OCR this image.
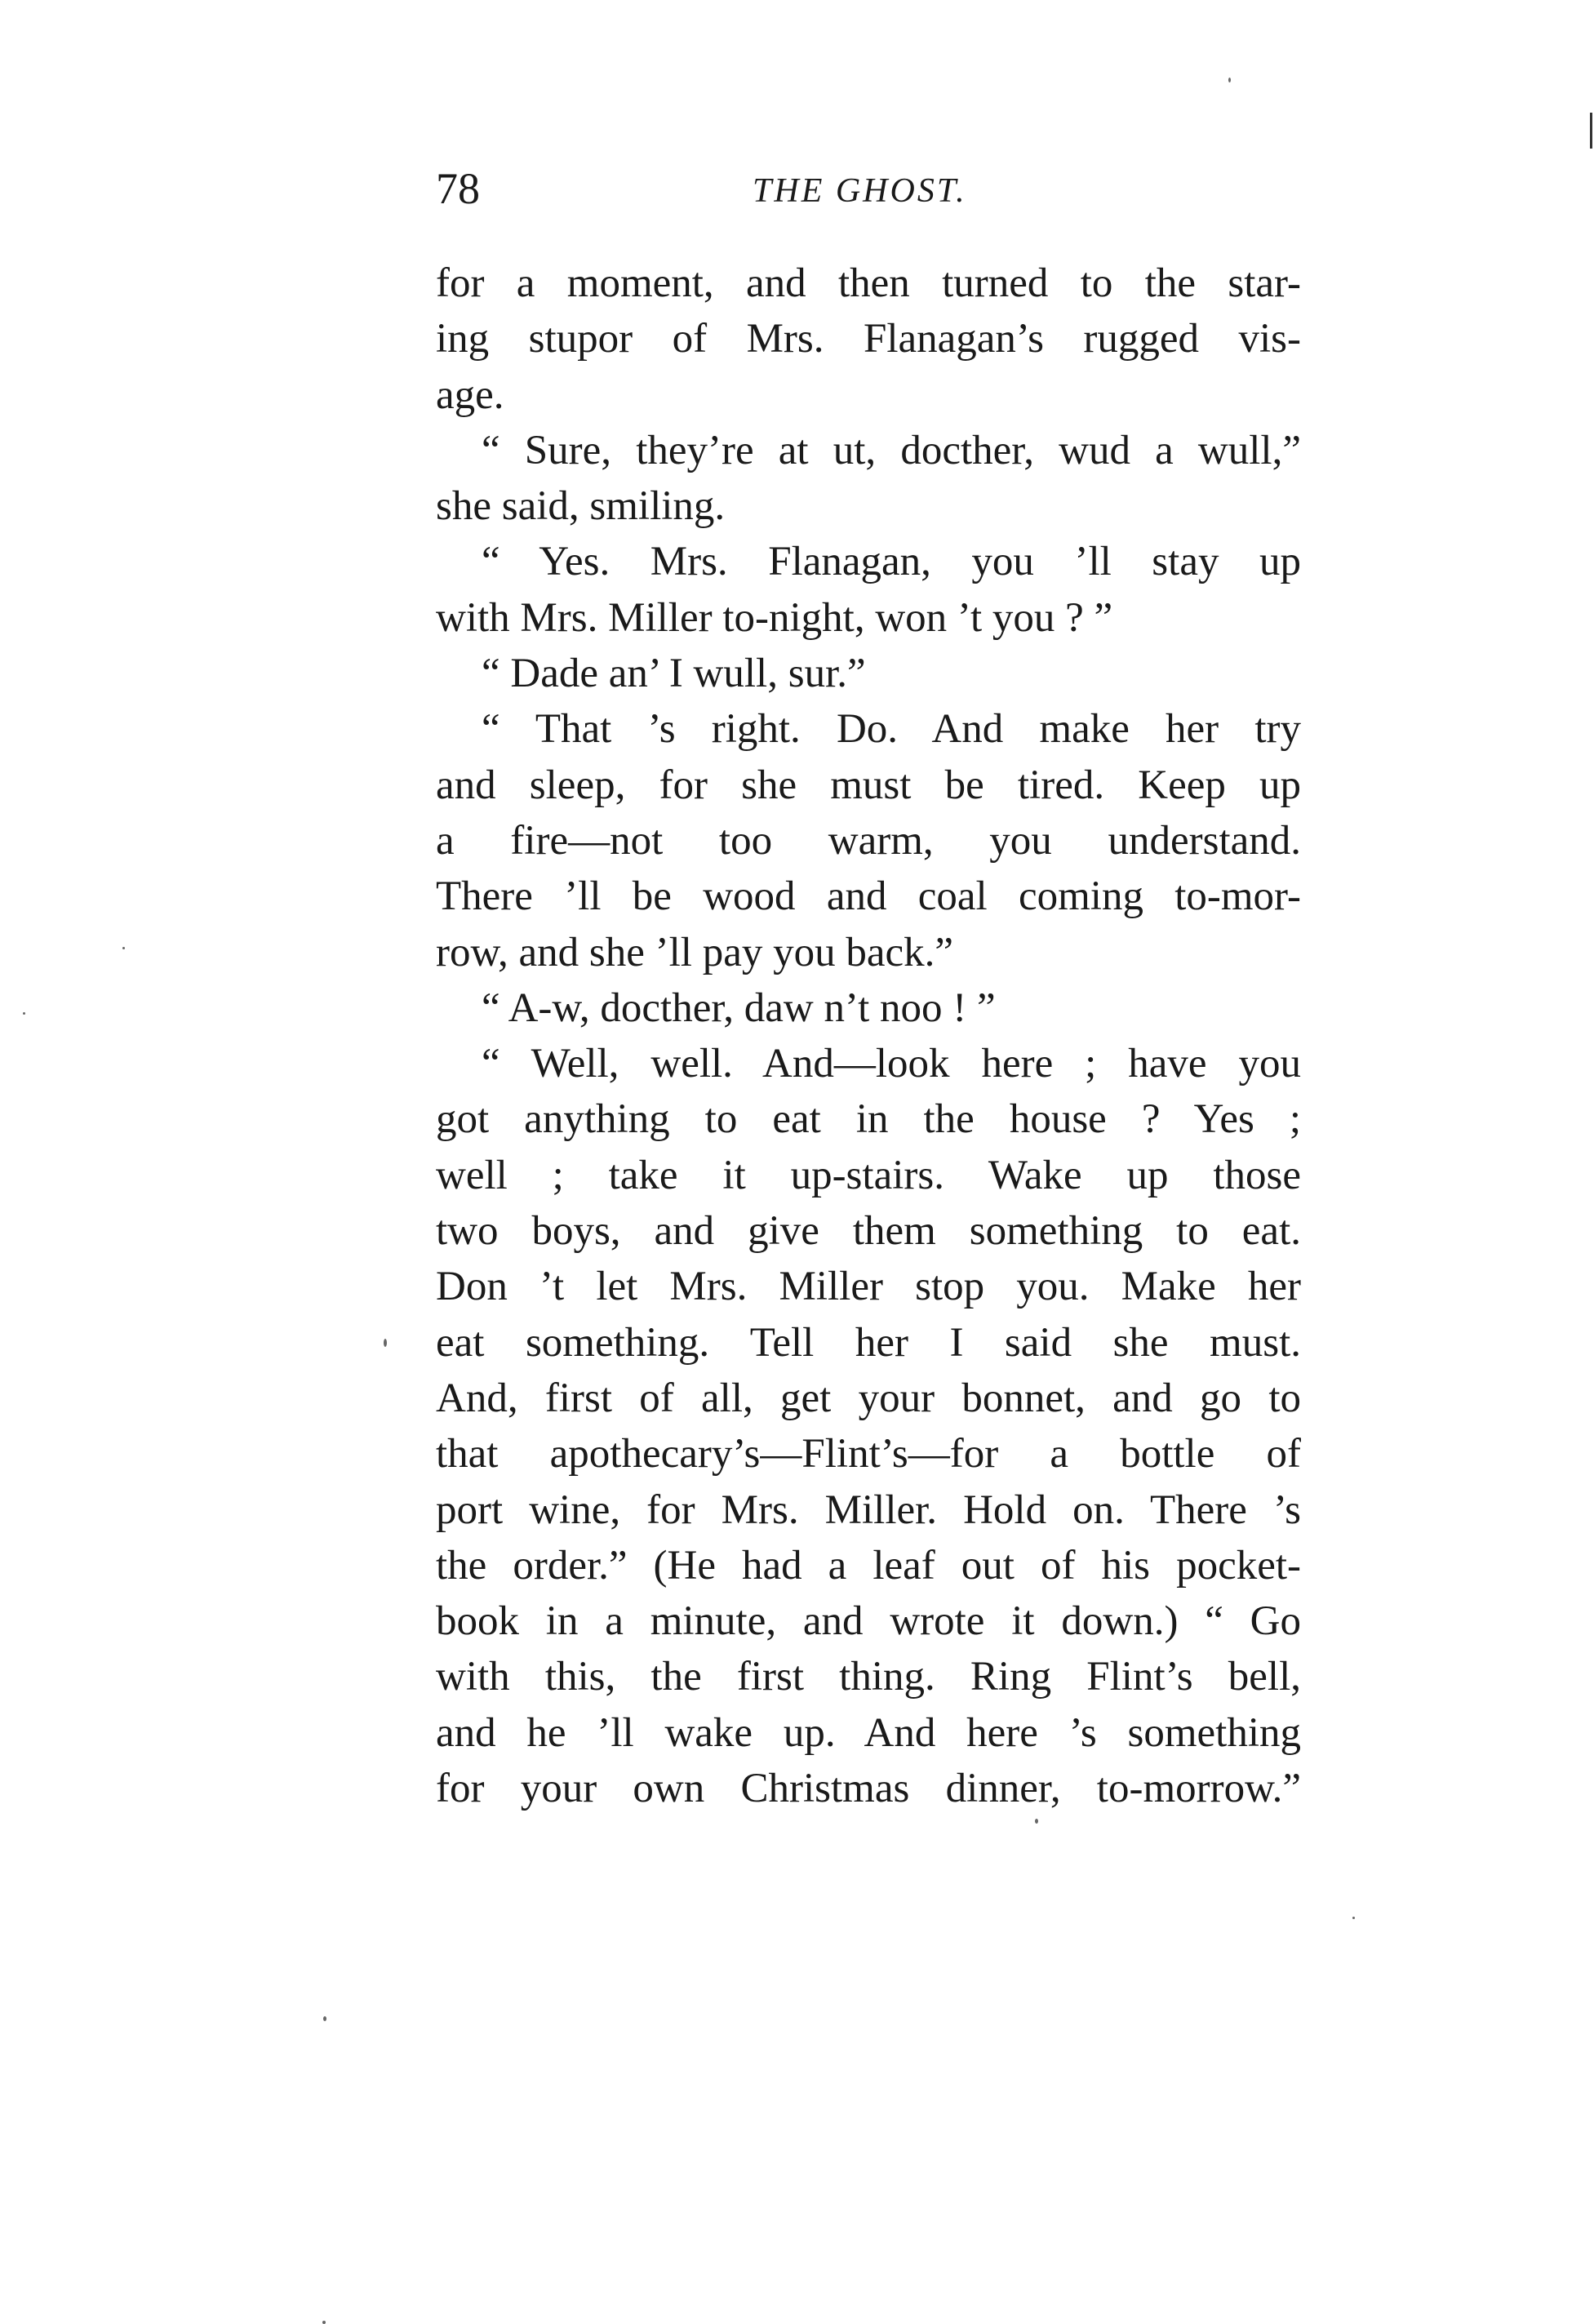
78	THE GHOST.
for a moment, and then turned to the star-
ing stupor of Mrs. Flanagan’s rugged vis-
age.
“ Sure, they’re at ut, docther, wud a wull,”
she said, smiling.
“ Yes. Mrs. Flanagan, you ’ll stay up
with Mrs. Miller to-night, won ’t you ? ”
“ Dade an’ I wull, sur.”
“ That ’s right. Do. And make her try
and sleep, for she must be tired. Keep up
a fire—not too warm, you understand.
There ’ll be wood and coal coming to-mor-
row, and she ’ll pay you back.”
“ A-w, docther, daw n’t noo ! ”
“ Well, well. And—look here ; have you
got anything to eat in the house ? Yes ;
well ; take it up-stairs. Wake up those
two boys, and give them something to eat.
Don ’t let Mrs. Miller stop you. Make her
eat something. Tell her I said she must.
And, first of all, get your bonnet, and go to
that apothecary’s—Flint’s—for a bottle of
port wine, for Mrs. Miller. Hold on. There ’s
the order.” (He had a leaf out of his pocket-
book in a minute, and wrote it down.) “ Go
with this, the first thing. Ring Flint’s bell,
and he ’ll wake up. And here ’s something
for your own Christmas dinner, to-morrow.”
